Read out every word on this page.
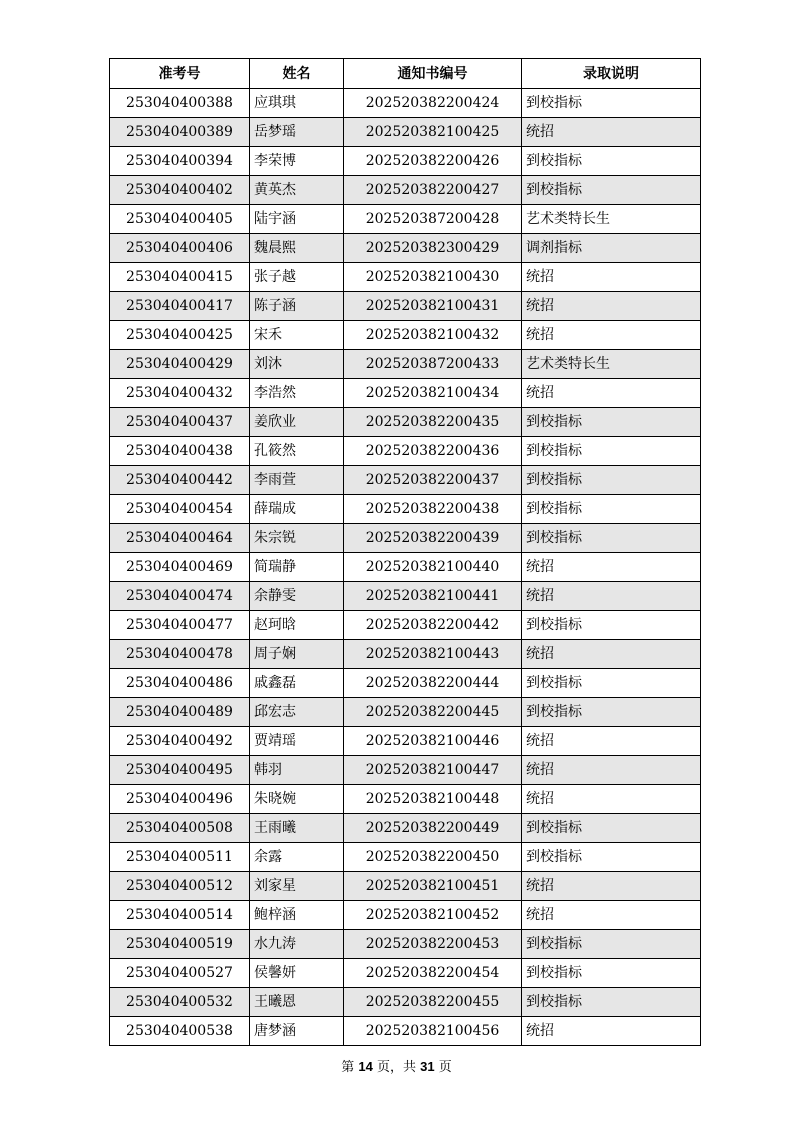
准考号	姓名	通知书编号	录取说明
253040400388	应琪琪	202520382200424	到校指标
253040400389	岳梦瑶	202520382100425	统招
253040400394	李荣博	202520382200426	到校指标
253040400402	黄英杰	202520382200427	到校指标
253040400405	陆宇涵	202520387200428	艺术类特长生
253040400406	魏晨熙	202520382300429	调剂指标
253040400415	张子越	202520382100430	统招
253040400417	陈子涵	202520382100431	统招
253040400425	宋禾	202520382100432	统招
253040400429	刘沐	202520387200433	艺术类特长生
253040400432	李浩然	202520382100434	统招
253040400437	姜欣业	202520382200435	到校指标
253040400438	孔筱然	202520382200436	到校指标
253040400442	李雨萱	202520382200437	到校指标
253040400454	薛瑞成	202520382200438	到校指标
253040400464	朱宗锐	202520382200439	到校指标
253040400469	简瑞静	202520382100440	统招
253040400474	余静雯	202520382100441	统招
253040400477	赵珂晗	202520382200442	到校指标
253040400478	周子娴	202520382100443	统招
253040400486	戚鑫磊	202520382200444	到校指标
253040400489	邱宏志	202520382200445	到校指标
253040400492	贾靖瑶	202520382100446	统招
253040400495	韩羽	202520382100447	统招
253040400496	朱晓婉	202520382100448	统招
253040400508	王雨曦	202520382200449	到校指标
253040400511	余露	202520382200450	到校指标
253040400512	刘家星	202520382100451	统招
253040400514	鲍梓涵	202520382100452	统招
253040400519	水九涛	202520382200453	到校指标
253040400527	侯馨妍	202520382200454	到校指标
253040400532	王曦恩	202520382200455	到校指标
253040400538	唐梦涵	202520382100456	统招
第 14 页，共 31 页
